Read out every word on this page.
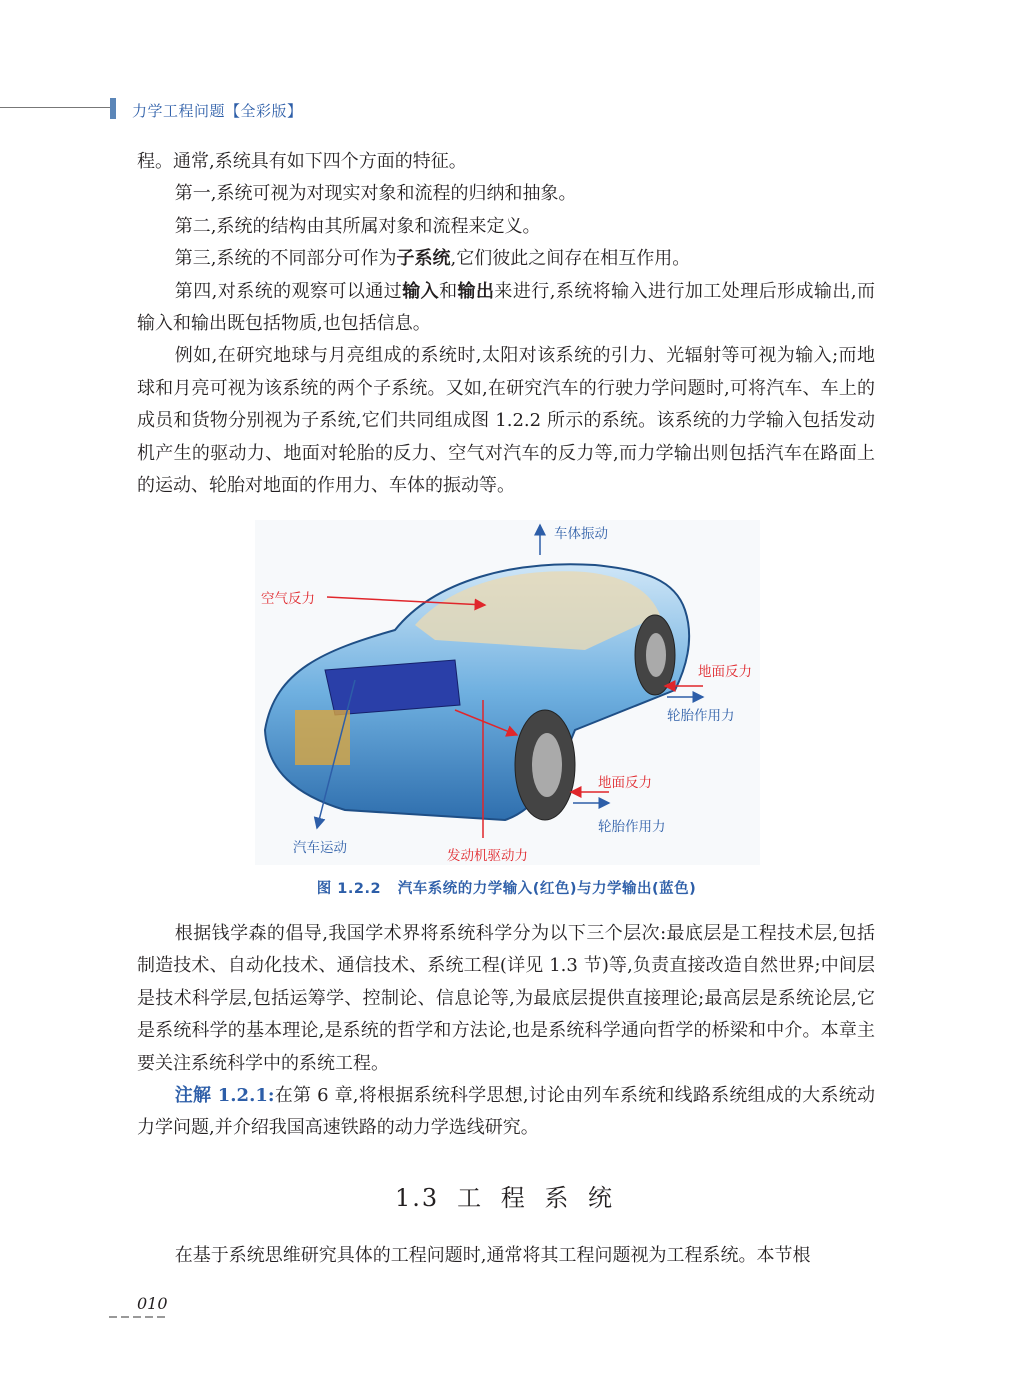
力学工程问题【全彩版】

程。通常,系统具有如下四个方面的特征。

第一,系统可视为对现实对象和流程的归纳和抽象。

第二,系统的结构由其所属对象和流程来定义。

第三,系统的不同部分可作为子系统,它们彼此之间存在相互作用。

第四,对系统的观察可以通过输入和输出来进行,系统将输入进行加工处理后形成输出,而输入和输出既包括物质,也包括信息。

例如,在研究地球与月亮组成的系统时,太阳对该系统的引力、光辐射等可视为输入;而地球和月亮可视为该系统的两个子系统。又如,在研究汽车的行驶力学问题时,可将汽车、车上的成员和货物分别视为子系统,它们共同组成图 1.2.2 所示的系统。该系统的力学输入包括发动机产生的驱动力、地面对轮胎的反力、空气对汽车的反力等,而力学输出则包括汽车在路面上的运动、轮胎对地面的作用力、车体的振动等。

车体振动
空气反力
地面反力
轮胎作用力
地面反力
轮胎作用力
汽车运动	发动机驱动力
图 1.2.2 汽车系统的力学输入(红色)与力学输出(蓝色)

根据钱学森的倡导,我国学术界将系统科学分为以下三个层次:最底层是工程技术层,包括制造技术、自动化技术、通信技术、系统工程(详见 1.3 节)等,负责直接改造自然世界;中间层是技术科学层,包括运筹学、控制论、信息论等,为最底层提供直接理论;最高层是系统论层,它是系统科学的基本理论,是系统的哲学和方法论,也是系统科学通向哲学的桥梁和中介。本章主要关注系统科学中的系统工程。

注解 1.2.1:在第 6 章,将根据系统科学思想,讨论由列车系统和线路系统组成的大系统动力学问题,并介绍我国高速铁路的动力学选线研究。

1.3 工 程 系 统

在基于系统思维研究具体的工程问题时,通常将其工程问题视为工程系统。本节根

010
